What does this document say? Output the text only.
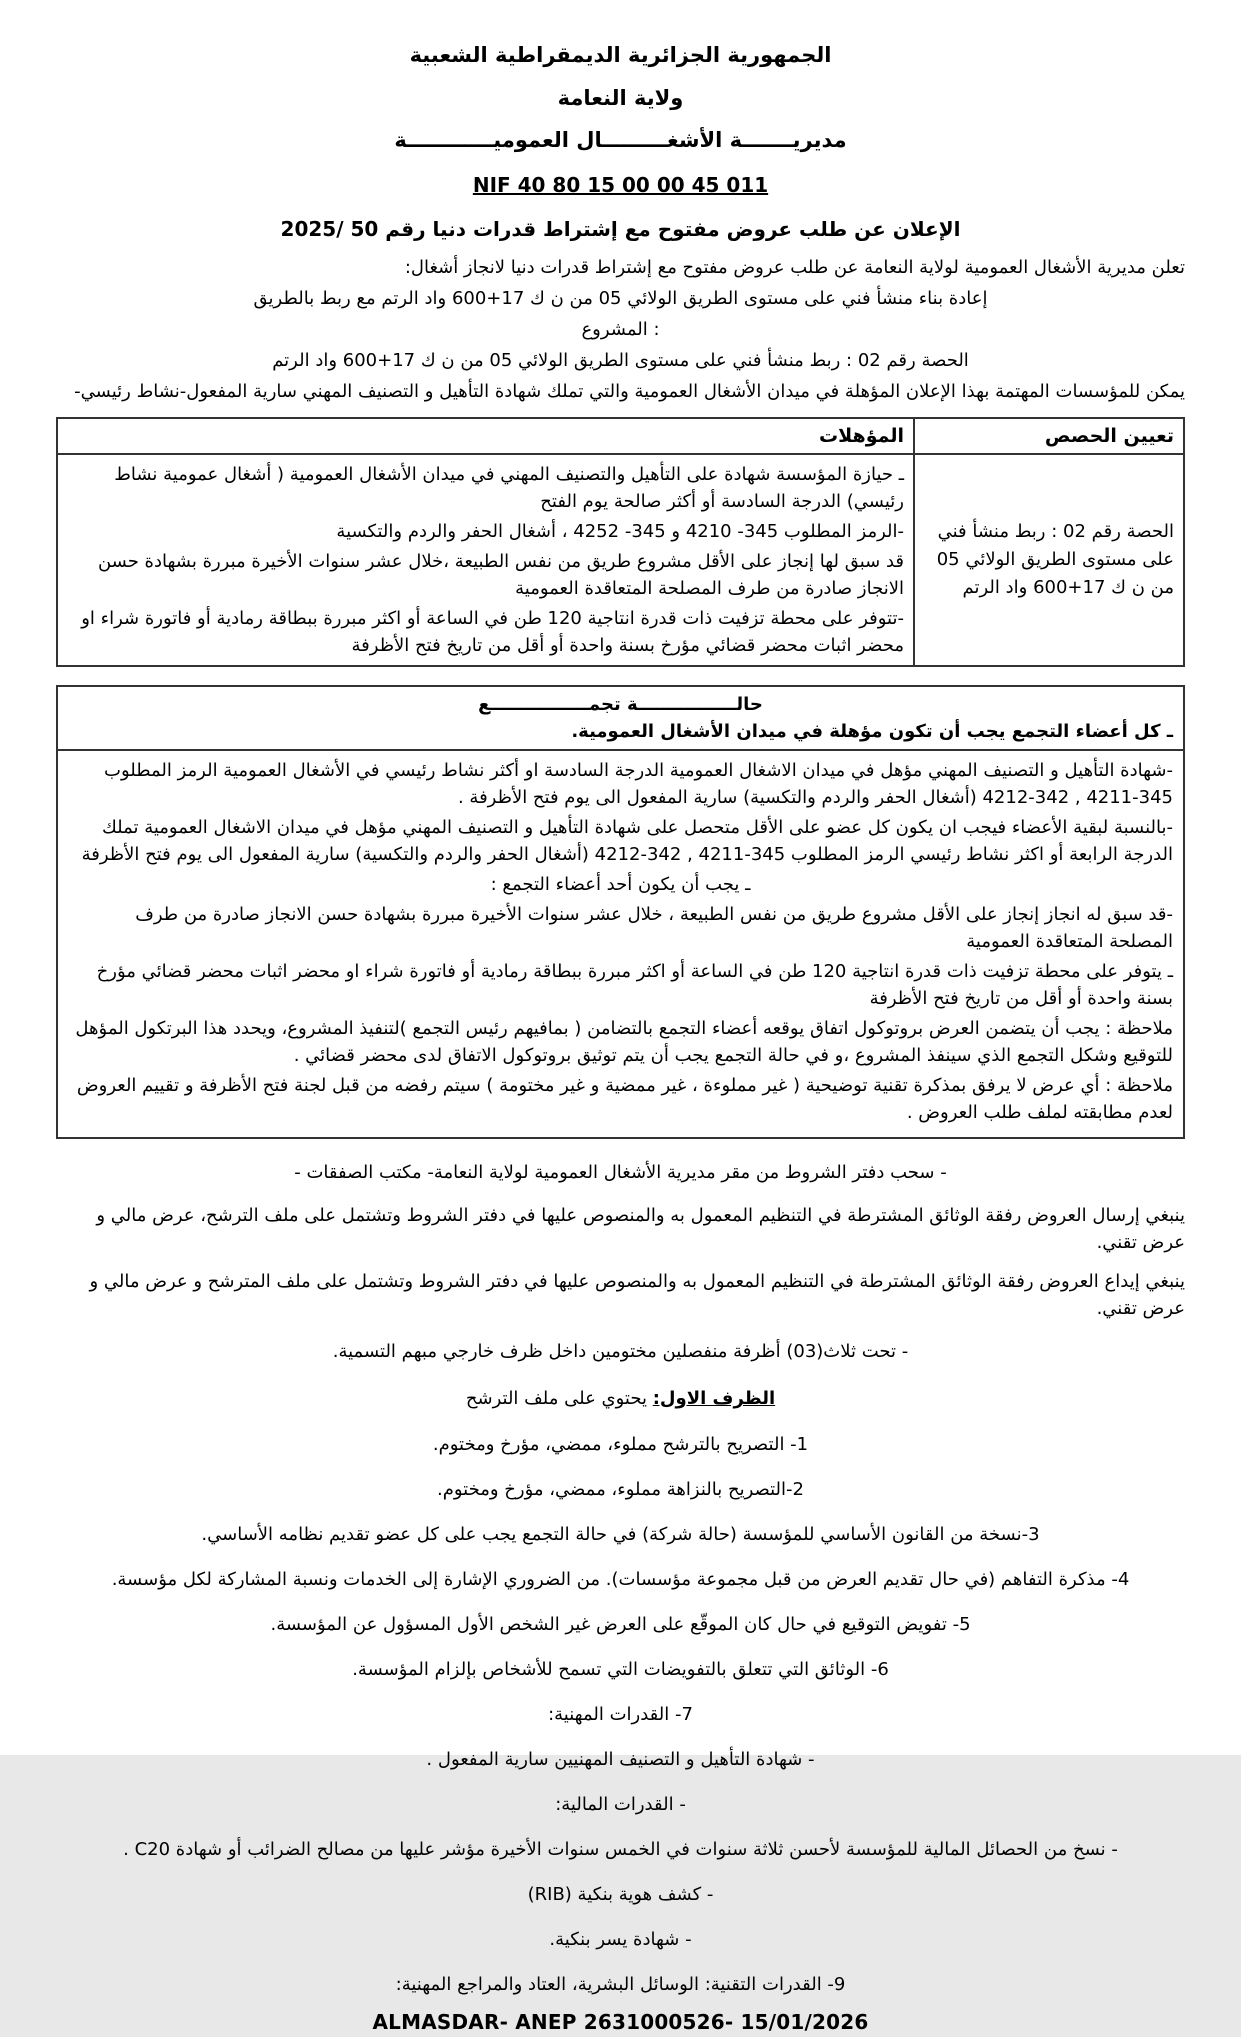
الجمهورية الجزائرية الديمقراطية الشعبية
ولاية النعامة
مديريـــــــة الأشغـــــــــال العموميــــــــــــة
NIF 40 80 15 00 00 45 011
الإعلان عن طلب عروض مفتوح مع إشتراط قدرات دنيا رقم 50 /2025
تعلن مديرية الأشغال العمومية لولاية النعامة عن طلب عروض مفتوح مع إشتراط قدرات دنيا لانجاز أشغال:
إعادة بناء منشأ فني على مستوى الطريق الولائي 05 من ن ك 17+600 واد الرتم مع ربط بالطريق
: المشروع
الحصة رقم 02 : ربط منشأ فني على مستوى الطريق الولائي 05 من ن ك 17+600 واد الرتم
يمكن للمؤسسات المهتمة بهذا الإعلان المؤهلة في ميدان الأشغال العمومية والتي تملك شهادة التأهيل و التصنيف المهني سارية المفعول-نشاط رئيسي-
تعيين الحصص	المؤهلات
الحصة رقم 02 : ربط منشأ فني على مستوى الطريق الولائي 05 من ن ك 17+600 واد الرتم	ـ حيازة المؤسسة شهادة على التأهيل والتصنيف المهني في ميدان الأشغال العمومية ( أشغال عمومية نشاط رئيسي) الدرجة السادسة أو أكثر صالحة يوم الفتح

-الرمز المطلوب 345- 4210 و 345- 4252 ، أشغال الحفر والردم والتكسية

قد سبق لها إنجاز على الأقل مشروع طريق من نفس الطبيعة ،خلال عشر سنوات الأخيرة مبررة بشهادة حسن الانجاز صادرة من طرف المصلحة المتعاقدة العمومية

-تتوفر على محطة تزفيت ذات قدرة انتاجية 120 طن في الساعة أو اكثر مبررة ببطاقة رمادية أو فاتورة شراء او محضر اثبات محضر قضائي مؤرخ بسنة واحدة أو أقل من تاريخ فتح الأظرفة

حالــــــــــــــــة تجمــــــــــــــــع
ـ كل أعضاء التجمع يجب أن تكون مؤهلة في ميدان الأشغال العمومية.
-شهادة التأهيل و التصنيف المهني مؤهل في ميدان الاشغال العمومية الدرجة السادسة او أكثر نشاط رئيسي في الأشغال العمومية الرمز المطلوب 345-4211 , 342-4212 (أشغال الحفر والردم والتكسية) سارية المفعول الى يوم فتح الأظرفة .
-بالنسبة لبقية الأعضاء فيجب ان يكون كل عضو على الأقل متحصل على شهادة التأهيل و التصنيف المهني مؤهل في ميدان الاشغال العمومية تملك الدرجة الرابعة أو اكثر نشاط رئيسي الرمز المطلوب 345-4211 , 342-4212 (أشغال الحفر والردم والتكسية) سارية المفعول الى يوم فتح الأظرفة
ـ يجب أن يكون أحد أعضاء التجمع :
-قد سبق له انجاز إنجاز على الأقل مشروع طريق من نفس الطبيعة ، خلال عشر سنوات الأخيرة مبررة بشهادة حسن الانجاز صادرة من طرف المصلحة المتعاقدة العمومية
ـ يتوفر على محطة تزفيت ذات قدرة انتاجية 120 طن في الساعة أو اكثر مبررة ببطاقة رمادية أو فاتورة شراء او محضر اثبات محضر قضائي مؤرخ بسنة واحدة أو أقل من تاريخ فتح الأظرفة
ملاحظة : يجب أن يتضمن العرض بروتوكول اتفاق يوقعه أعضاء التجمع بالتضامن ( بمافيهم رئيس التجمع )لتنفيذ المشروع، ويحدد هذا البرتكول المؤهل للتوقيع وشكل التجمع الذي سينفذ المشروع ،و في حالة التجمع يجب أن يتم توثيق بروتوكول الاتفاق لدى محضر قضائي .
ملاحظة : أي عرض لا يرفق بمذكرة تقنية توضيحية ( غير مملوءة ، غير ممضية و غير مختومة ) سيتم رفضه من قبل لجنة فتح الأظرفة و تقييم العروض لعدم مطابقته لملف طلب العروض .
- سحب دفتر الشروط من مقر مديرية الأشغال العمومية لولاية النعامة- مكتب الصفقات -
ينبغي إرسال العروض رفقة الوثائق المشترطة في التنظيم المعمول به والمنصوص عليها في دفتر الشروط وتشتمل على ملف الترشح، عرض مالي و عرض تقني.
ينبغي إيداع العروض رفقة الوثائق المشترطة في التنظيم المعمول به والمنصوص عليها في دفتر الشروط وتشتمل على ملف المترشح و عرض مالي و عرض تقني.
- تحت ثلاث(03) أظرفة منفصلين مختومين داخل ظرف خارجي مبهم التسمية.
الظرف الاول: يحتوي على ملف الترشح
1- التصريح بالترشح مملوء، ممضي، مؤرخ ومختوم.
2-التصريح بالنزاهة مملوء، ممضي، مؤرخ ومختوم.
3-نسخة من القانون الأساسي للمؤسسة (حالة شركة) في حالة التجمع يجب على كل عضو تقديم نظامه الأساسي.
4- مذكرة التفاهم (في حال تقديم العرض من قبل مجموعة مؤسسات). من الضروري الإشارة إلى الخدمات ونسبة المشاركة لكل مؤسسة.
5- تفويض التوقيع في حال كان الموقّع على العرض غير الشخص الأول المسؤول عن المؤسسة.
6- الوثائق التي تتعلق بالتفويضات التي تسمح للأشخاص بإلزام المؤسسة.
7- القدرات المهنية:
- شهادة التأهيل و التصنيف المهنيين سارية المفعول .
- القدرات المالية:
- نسخ من الحصائل المالية للمؤسسة لأحسن ثلاثة سنوات في الخمس سنوات الأخيرة مؤشر عليها من مصالح الضرائب أو شهادة C20 .
- كشف هوية بنكية (RIB)
- شهادة يسر بنكية.
9- القدرات التقنية: الوسائل البشرية، العتاد والمراجع المهنية:
ALMASDAR- ANEP 2631000526- 15/01/2026
